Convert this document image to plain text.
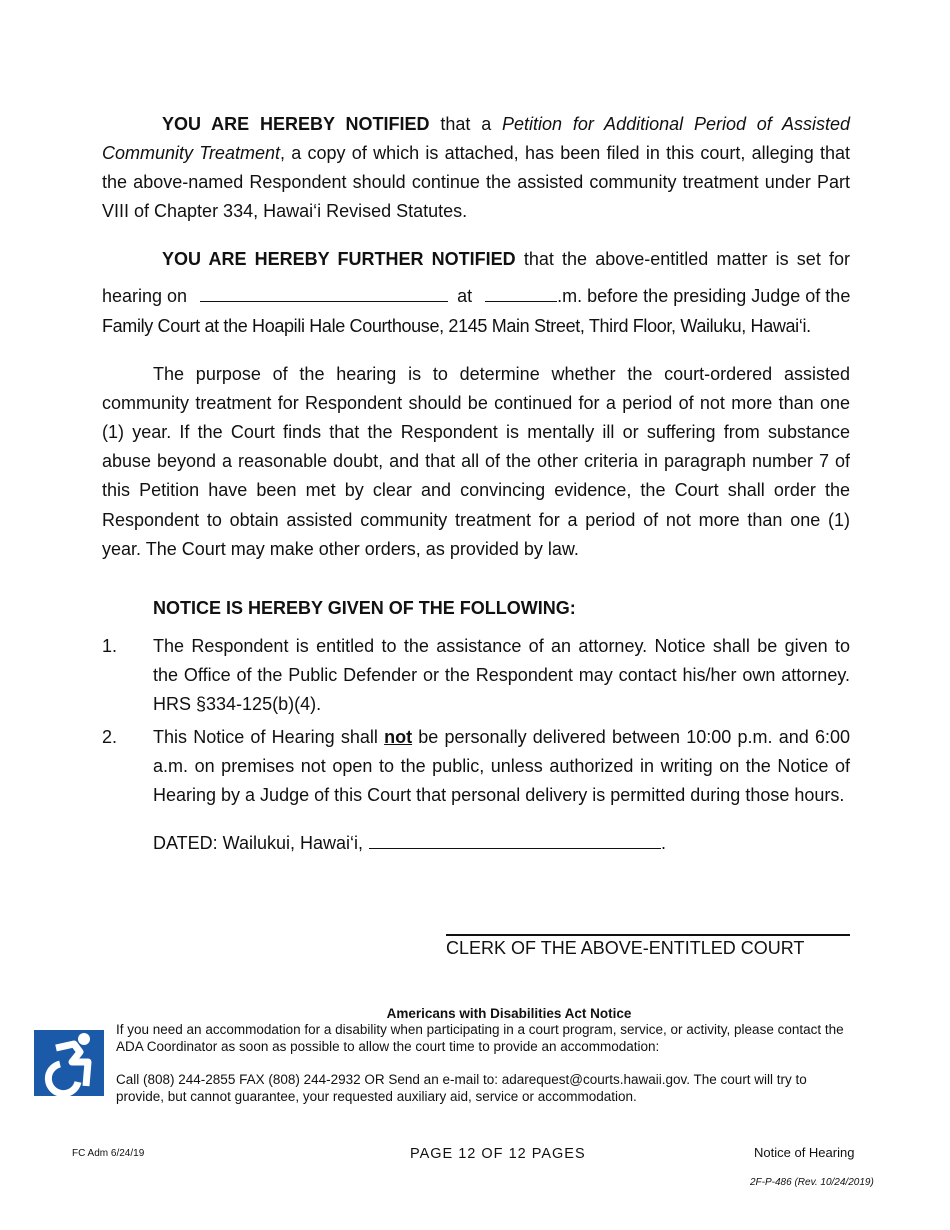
YOU ARE HEREBY NOTIFIED that a Petition for Additional Period of Assisted
Community Treatment, a copy of which is attached, has been filed in this court, alleging that
the above-named Respondent should continue the assisted community treatment under Part
VIII of Chapter 334, Hawai‘i Revised Statutes.
YOU ARE HEREBY FURTHER NOTIFIED that the above-entitled matter is set for
hearing on	at	.m. before the presiding Judge of the
Family Court at the Hoapili Hale Courthouse, 2145 Main Street, Third Floor, Wailuku, Hawai‘i.
The purpose of the hearing is to determine whether the court-ordered assisted
community treatment for Respondent should be continued for a period of not more than one
(1) year. If the Court finds that the Respondent is mentally ill or suffering from substance
abuse beyond a reasonable doubt, and that all of the other criteria in paragraph number 7 of
this Petition have been met by clear and convincing evidence, the Court shall order the
Respondent to obtain assisted community treatment for a period of not more than one (1)
year. The Court may make other orders, as provided by law.
NOTICE IS HEREBY GIVEN OF THE FOLLOWING:
1.	The Respondent is entitled to the assistance of an attorney. Notice shall be given to
the Office of the Public Defender or the Respondent may contact his/her own attorney.
HRS §334-125(b)(4).
2.	This Notice of Hearing shall not be personally delivered between 10:00 p.m. and 6:00
a.m. on premises not open to the public, unless authorized in writing on the Notice of
Hearing by a Judge of this Court that personal delivery is permitted during those hours.
DATED: Wailukui, Hawai‘i,	.
CLERK OF THE ABOVE-ENTITLED COURT
Americans with Disabilities Act Notice
If you need an accommodation for a disability when participating in a court program, service, or activity, please contact the
ADA Coordinator as soon as possible to allow the court time to provide an accommodation:
Call (808) 244-2855 FAX (808) 244-2932 OR Send an e-mail to: adarequest@courts.hawaii.gov. The court will try to
provide, but cannot guarantee, your requested auxiliary aid, service or accommodation.
FC Adm 6/24/19	PAGE 12 OF 12 PAGES	Notice of Hearing
2F-P-486 (Rev. 10/24/2019)
